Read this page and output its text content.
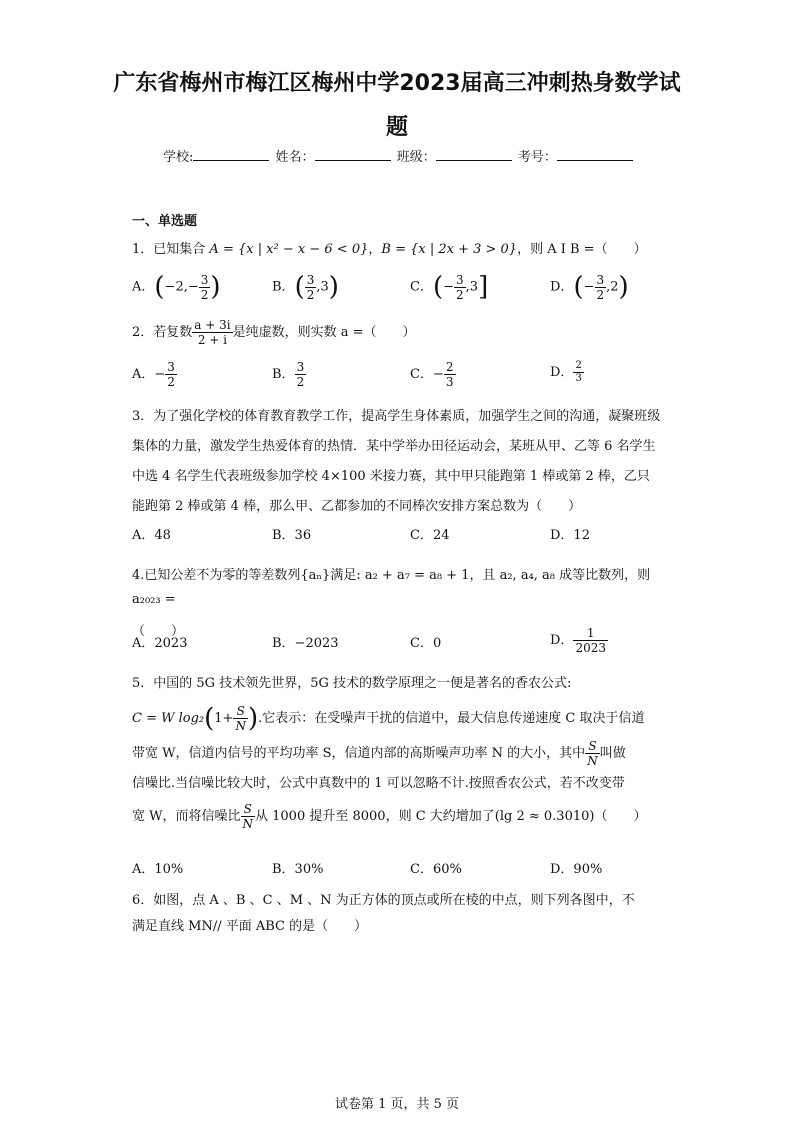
广东省梅州市梅江区梅州中学2023届高三冲刺热身数学试
题
学校:	姓名：	班级：	考号：
一、单选题
1．已知集合 A = {x | x² − x − 6 < 0}，B = {x | 2x + 3 > 0}，则 A I B =（　　）
A．($-2,- \frac{3}{2}$ )	B．( $\frac{3}{2} ,3$)	C．(− $\frac{3}{2} ,3$]	D．(− $\frac{3}{2} ,2$)
2．若复数 $\frac{a + 3i}{2 + i}$ 是纯虚数，则实数 a =（　　）
A．− $\frac{3}{2}$	B． $\frac{3}{2}$	C．− $\frac{2}{3}$	D． $\frac{2}{3}$
3．为了强化学校的体育教育教学工作，提高学生身体素质，加强学生之间的沟通，凝聚班级集体的力量，激发学生热爱体育的热情．某中学举办田径运动会，某班从甲、乙等 6 名学生中选 4 名学生代表班级参加学校 4×100 米接力赛，其中甲只能跑第 1 棒或第 2 棒，乙只能跑第 2 棒或第 4 棒，那么甲、乙都参加的不同棒次安排方案总数为（　　）
A．48	B．36	C．24	D．12
4.已知公差不为零的等差数列{aₙ}满足: a₂ + a₇ = a₈ + 1，且 a₂, a₄, a₈ 成等比数列，则 a₂₀₂₃ =
（　　）
A．2023	B．−2023	C．0	D． $\frac{1}{2023}$
5．中国的 5G 技术领先世界，5G 技术的数学原理之一便是著名的香农公式:
C = W $\log_2(1+ \frac{S}{N}$ ).它表示：在受噪声干扰的信道中，最大信息传递速度 C 取决于信道
带宽 W，信道内信号的平均功率 S，信道内部的高斯噪声功率 N 的大小，其中 $\frac{S}{N}$ 叫做
信噪比.当信噪比较大时，公式中真数中的 1 可以忽略不计.按照香农公式，若不改变带
宽 W，而将信噪比 $\frac{S}{N}$ 从 1000 提升至 8000，则 C 大约增加了(lg 2 ≈ 0.3010)（　　）
A．10%	B．30%	C．60%	D．90%
6．如图，点 A 、B 、C 、M 、N 为正方体的顶点或所在棱的中点，则下列各图中，不
满足直线 MN// 平面 ABC 的是（　　）
试卷第 1 页，共 5 页
